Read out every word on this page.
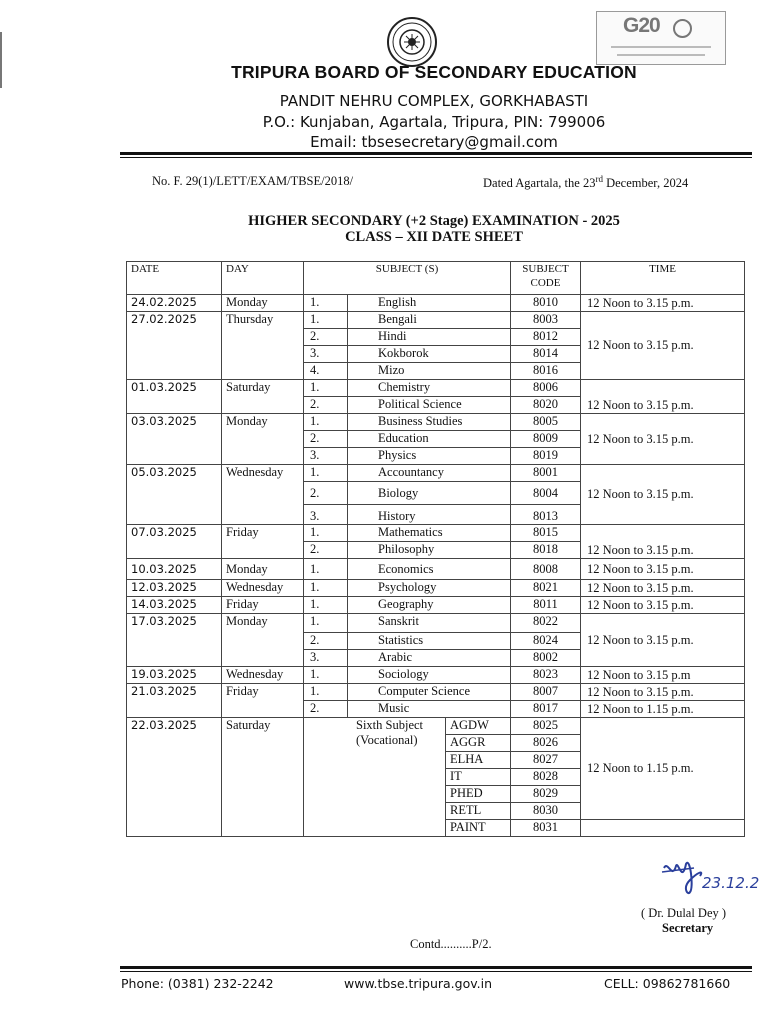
G20
TRIPURA BOARD OF SECONDARY EDUCATION
PANDIT NEHRU COMPLEX, GORKHABASTI
P.O.: Kunjaban, Agartala, Tripura, PIN: 799006
Email: tbsesecretary@gmail.com
No. F. 29(1)/LETT/EXAM/TBSE/2018/	Dated Agartala, the 23rd December, 2024
HIGHER SECONDARY (+2 Stage) EXAMINATION - 2025
CLASS – XII DATE SHEET
DATE	DAY	SUBJECT (S)			SUBJECT
CODE	TIME
24.02.2025	Monday	1.	English		8010	12 Noon to 3.15 p.m.
27.02.2025	Thursday	1.	Bengali		8003	12 Noon to 3.15 p.m.
		2.	Hindi		8012	
		3.	Kokborok		8014	
		4.	Mizo		8016	
01.03.2025	Saturday	1.	Chemistry		8006	12 Noon to 3.15 p.m.
		2.	Political Science		8020	
03.03.2025	Monday	1.	Business Studies		8005	12 Noon to 3.15 p.m.
		2.	Education		8009	
		3.	Physics		8019	
05.03.2025	Wednesday	1.	Accountancy		8001	12 Noon to 3.15 p.m.
		2.	Biology		8004	
		3.	History		8013	
07.03.2025	Friday	1.	Mathematics		8015	12 Noon to 3.15 p.m.
		2.	Philosophy		8018	
10.03.2025	Monday	1.	Economics		8008	12 Noon to 3.15 p.m.
12.03.2025	Wednesday	1.	Psychology		8021	12 Noon to 3.15 p.m.
14.03.2025	Friday	1.	Geography		8011	12 Noon to 3.15 p.m.
17.03.2025	Monday	1.	Sanskrit		8022	12 Noon to 3.15 p.m.
		2.	Statistics		8024	
		3.	Arabic		8002	
19.03.2025	Wednesday	1.	Sociology		8023	12 Noon to 3.15 p.m
21.03.2025	Friday	1.	Computer Science		8007	12 Noon to 3.15 p.m.
		2.	Music		8017	12 Noon to 1.15 p.m.
22.03.2025	Saturday	Sixth Subject (Vocational)		AGDW	8025	12 Noon to 1.15 p.m.
				AGGR	8026	
				ELHA	8027	
				IT	8028	
				PHED	8029	
				RETL	8030	
				PAINT	8031	
23.12.2
( Dr. Dulal Dey )
Secretary
Contd..........P/2.
Phone: (0381) 232-2242	www.tbse.tripura.gov.in	CELL: 09862781660
